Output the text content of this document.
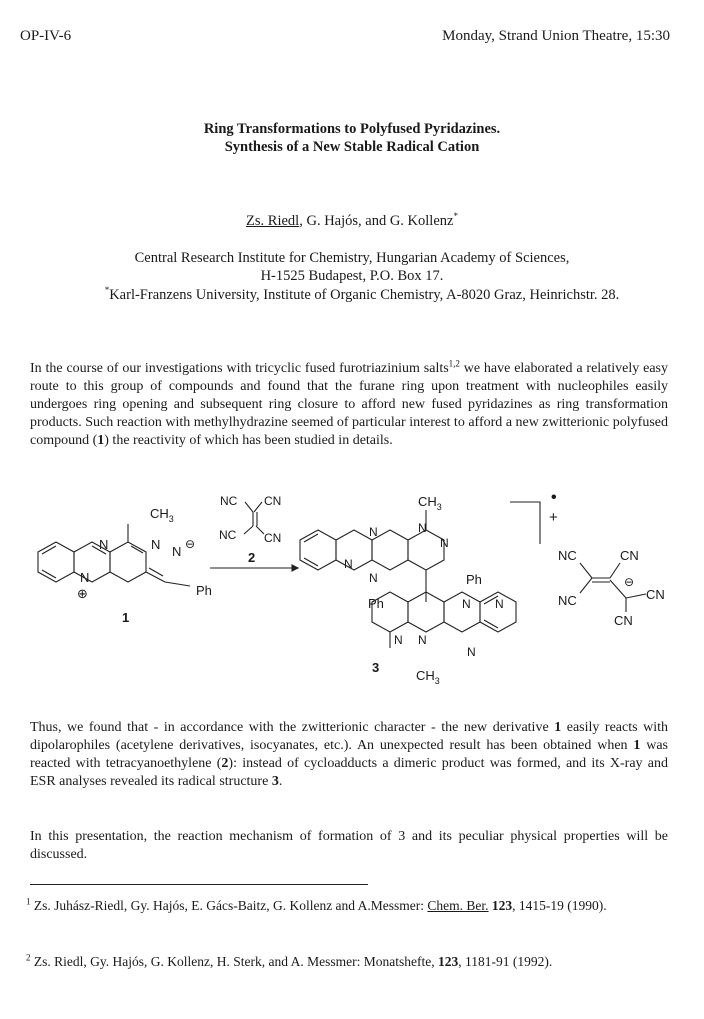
OP-IV-6	Monday, Strand Union Theatre, 15:30
Ring Transformations to Polyfused Pyridazines.
Synthesis of a New Stable Radical Cation
Zs. Riedl, G. Hajós, and G. Kollenz*
Central Research Institute for Chemistry, Hungarian Academy of Sciences,
H-1525 Budapest, P.O. Box 17.
*Karl-Franzens University, Institute of Organic Chemistry, A-8020 Graz, Heinrichstr. 28.
In the course of our investigations with tricyclic fused furotriazinium salts$^{1,2}$ we have elaborated a relatively easy route to this group of compounds and found that the furane ring upon treatment with nucleophiles easily undergoes ring opening and subsequent ring closure to afford new fused pyridazines as ring transformation products. Such reaction with methylhydrazine seemed of particular interest to afford a new zwitterionic polyfused compound (1) the reactivity of which has been studied in details.
N	N N ⊖
N
⊕
$CH_3$
Ph
1
NC CN
NC CN
2
N	N
N
N
N
$CH_3$
Ph
Ph	N N
N N
N
$CH_3$
3
•
+
NC	CN
NC	CN
CN
⊖
Thus, we found that - in accordance with the zwitterionic character - the new derivative 1 easily reacts with dipolarophiles (acetylene derivatives, isocyanates, etc.). An unexpected result has been obtained when 1 was reacted with tetracyanoethylene (2): instead of cycloadducts a dimeric product was formed, and its X-ray and ESR analyses revealed its radical structure 3.
In this presentation, the reaction mechanism of formation of 3 and its peculiar physical properties will be discussed.
$^1$ Zs. Juhász-Riedl, Gy. Hajós, E. Gács-Baitz, G. Kollenz and A.Messmer: Chem. Ber. 123, 1415-19 (1990).
$^2$ Zs. Riedl, Gy. Hajós, G. Kollenz, H. Sterk, and A. Messmer: Monatshefte, 123, 1181-91 (1992).
